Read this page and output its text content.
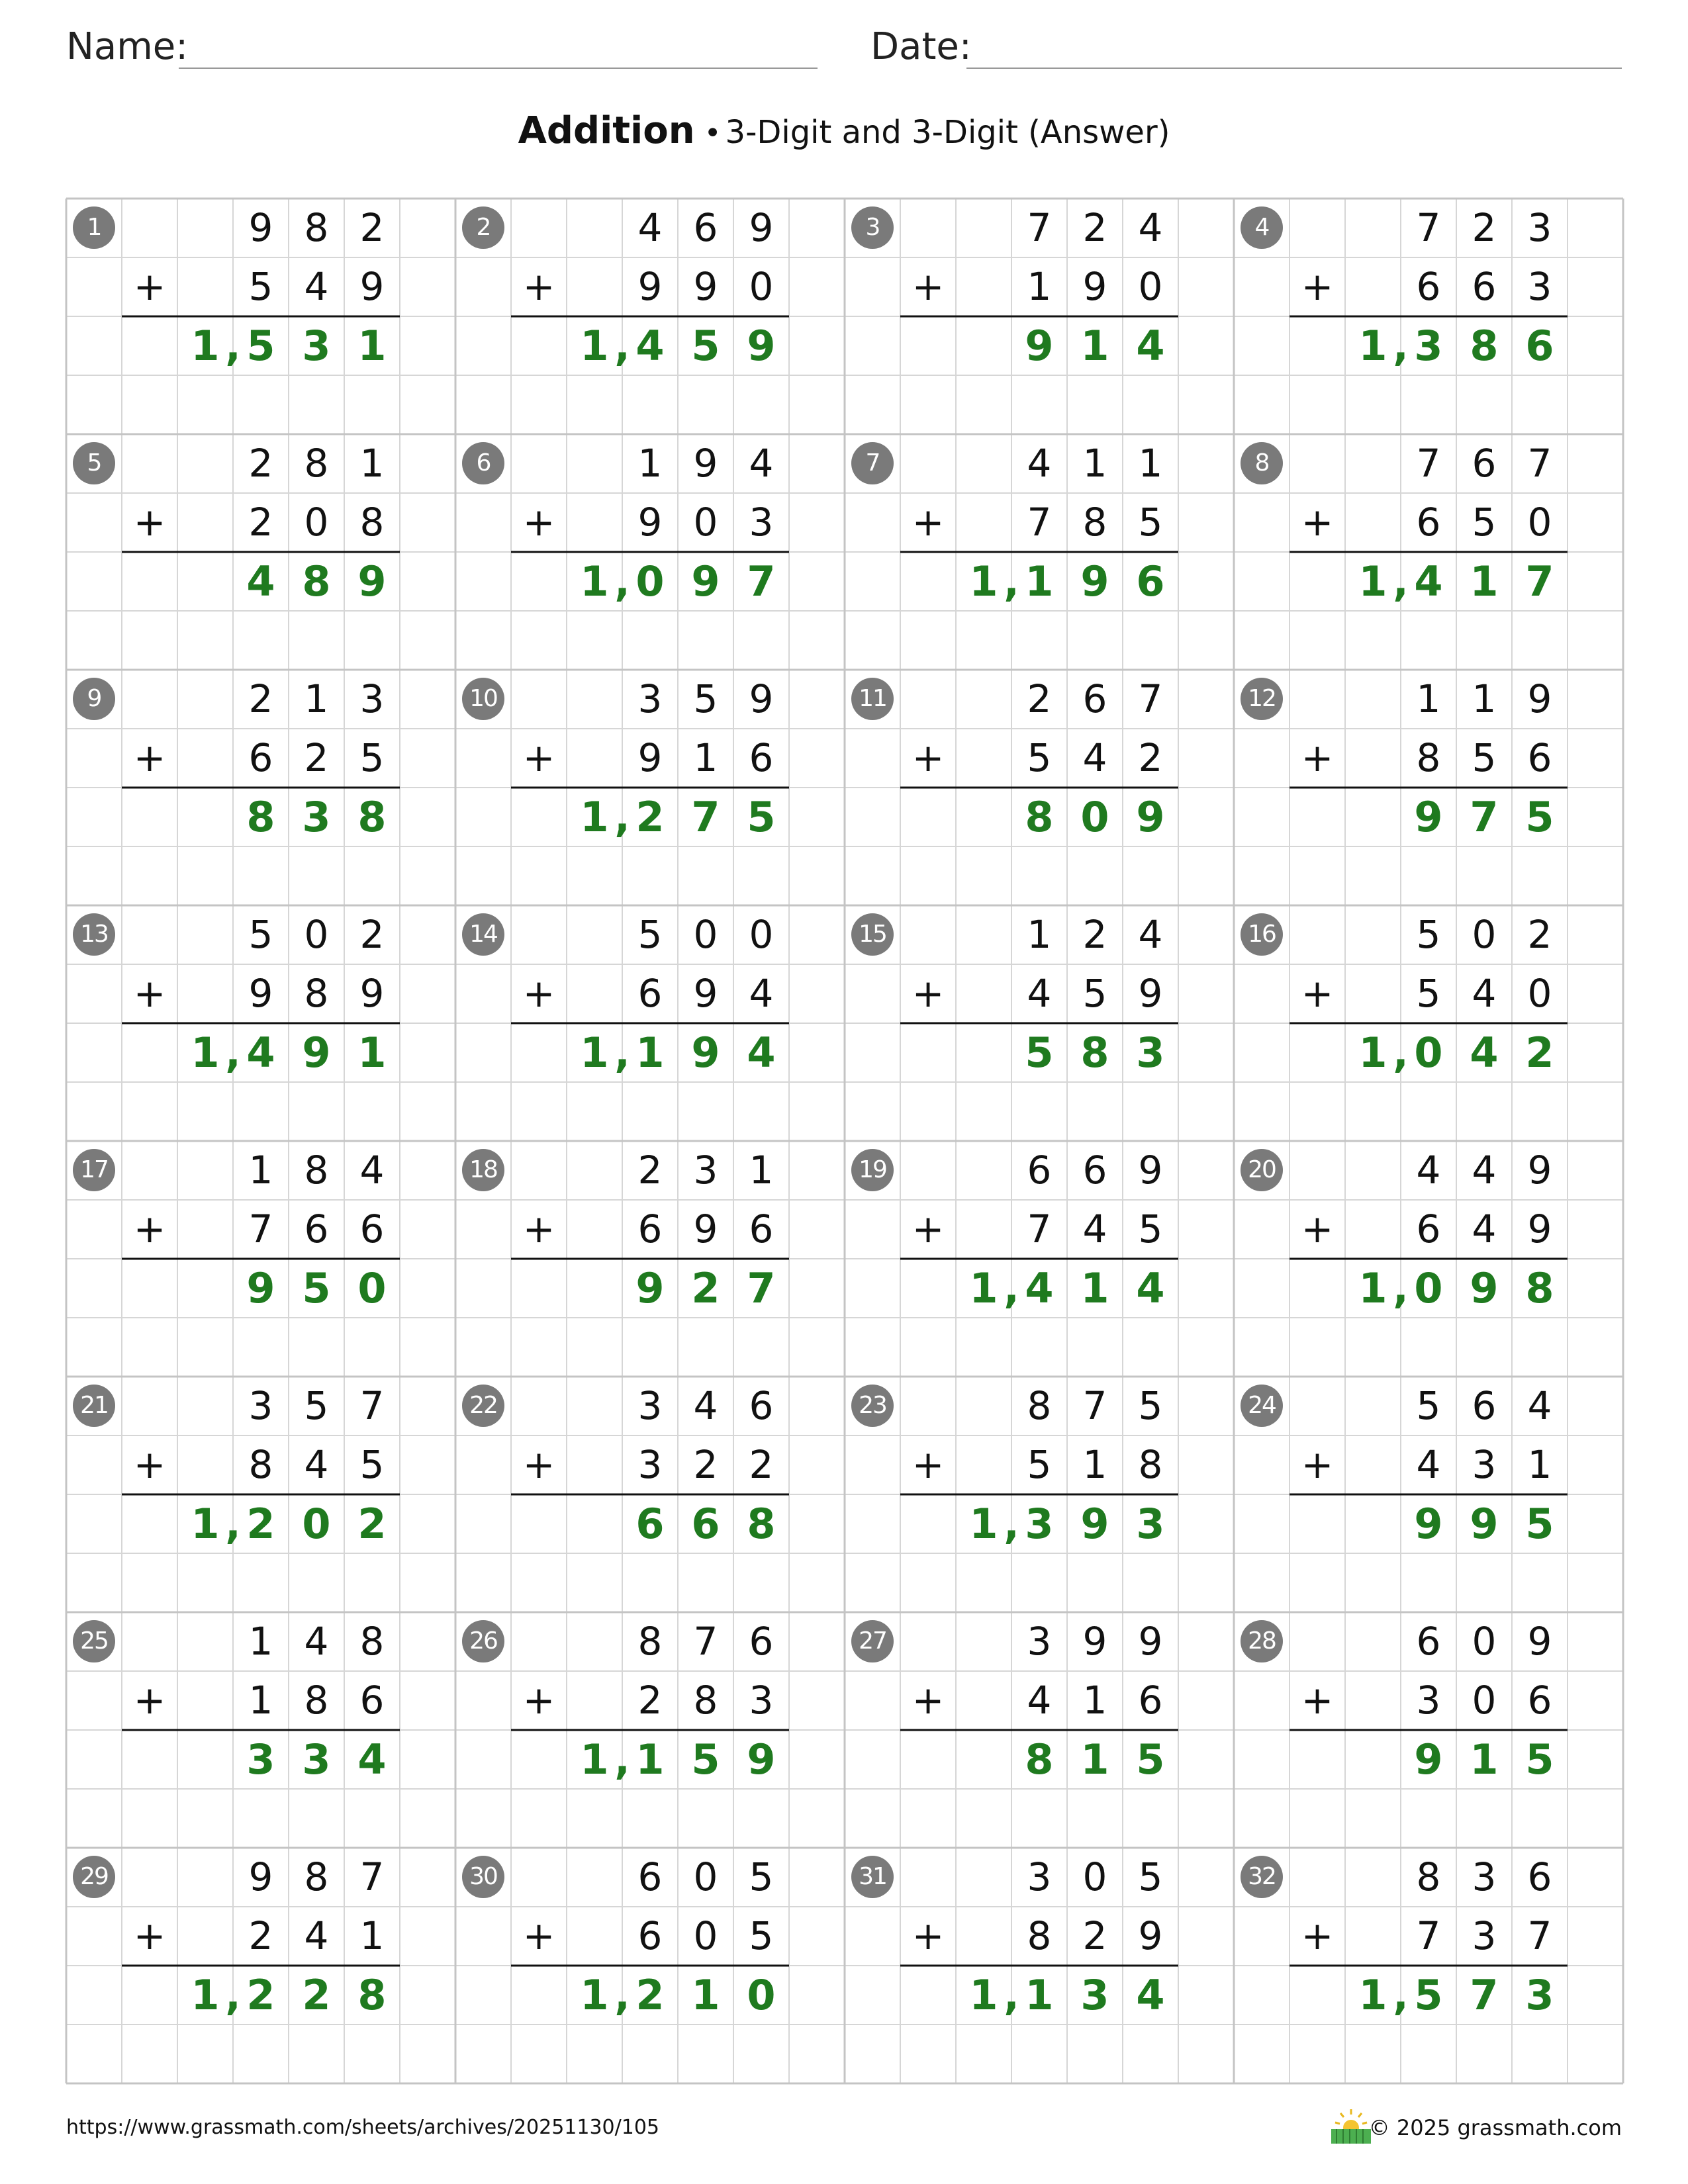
Name:	Date:
Addition • 3-Digit and 3-Digit (Answer)
1	9 8 2
+	5 4 9
1 5 3 1
,
2	4 6 9
+	9 9 0
1 4 5 9
,
3	7 2 4
+	1 9 0
9 1 4
4	7 2 3
+	6 6 3
1 3 8 6
,
5	2 8 1
+	2 0 8
4 8 9
6	1 9 4
+	9 0 3
1 0 9 7
,
7	4 1 1
+	7 8 5
1 1 9 6
,
8	7 6 7
+	6 5 0
1 4 1 7
,
9	2 1 3
+	6 2 5
8 3 8
10	3 5 9
+	9 1 6
1 2 7 5
,
11	2 6 7
+	5 4 2
8 0 9
12	1 1 9
+	8 5 6
9 7 5
13	5 0 2
+	9 8 9
1 4 9 1
,
14	5 0 0
+	6 9 4
1 1 9 4
,
15	1 2 4
+	4 5 9
5 8 3
16	5 0 2
+	5 4 0
1 0 4 2
,
17	1 8 4
+	7 6 6
9 5 0
18	2 3 1
+	6 9 6
9 2 7
19	6 6 9
+	7 4 5
1 4 1 4
,
20	4 4 9
+	6 4 9
1 0 9 8
,
21	3 5 7
+	8 4 5
1 2 0 2
,
22	3 4 6
+	3 2 2
6 6 8
23	8 7 5
+	5 1 8
1 3 9 3
,
24	5 6 4
+	4 3 1
9 9 5
25	1 4 8
+	1 8 6
3 3 4
26	8 7 6
+	2 8 3
1 1 5 9
,
27	3 9 9
+	4 1 6
8 1 5
28	6 0 9
+	3 0 6
9 1 5
29	9 8 7
+	2 4 1
1 2 2 8
,
30	6 0 5
+	6 0 5
1 2 1 0
,
31	3 0 5
+	8 2 9
1 1 3 4
,
32	8 3 6
+	7 3 7
1 5 7 3
,
https://www.grassmath.com/sheets/archives/20251130/105	© 2025 grassmath.com
